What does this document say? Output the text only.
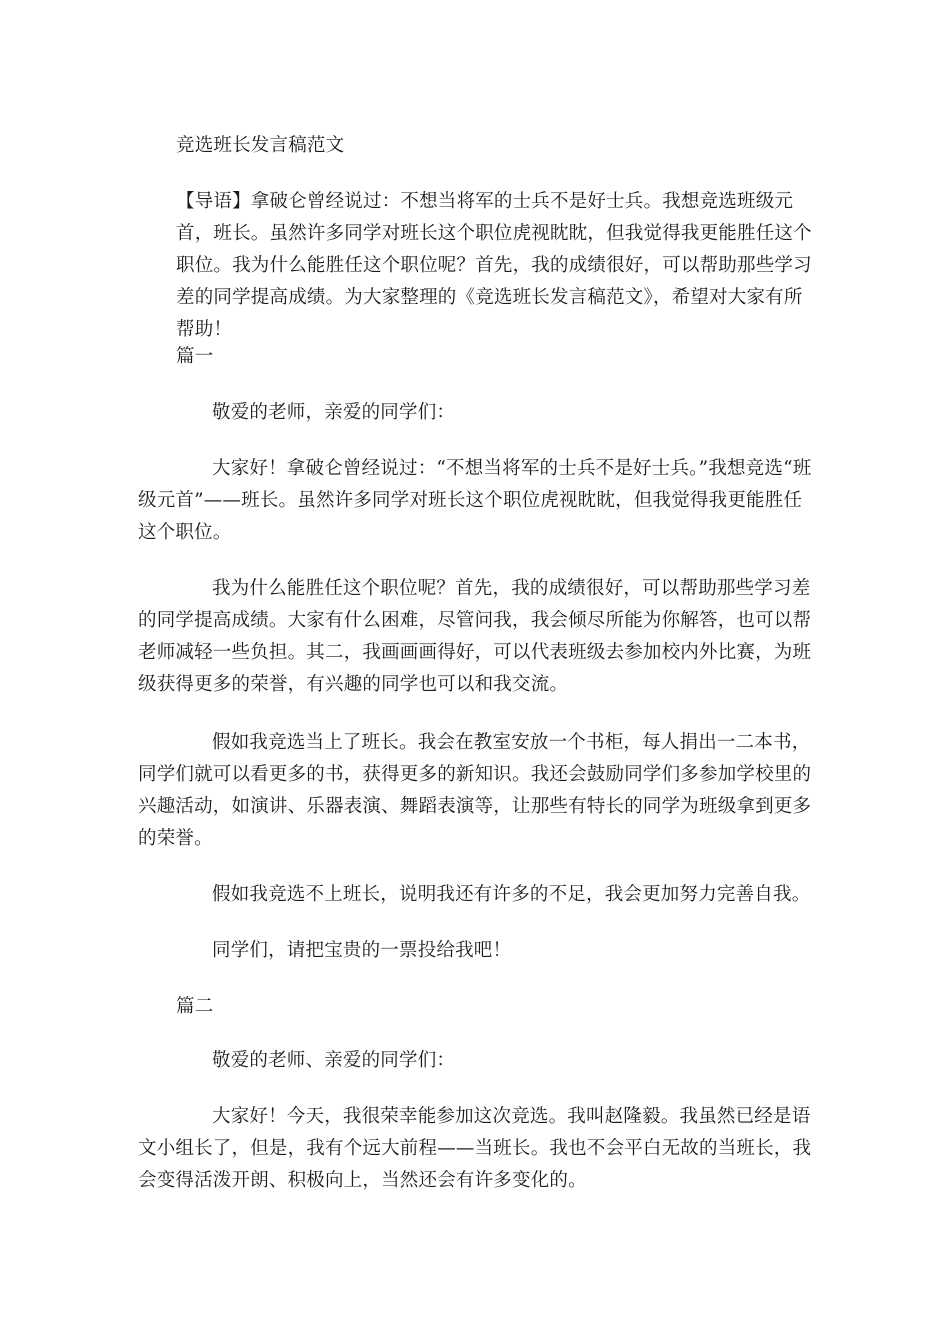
竞选班长发言稿范文
【导语】拿破仑曾经说过：不想当将军的士兵不是好士兵。我想竞选班级元首，班长。虽然许多同学对班长这个职位虎视眈眈，但我觉得我更能胜任这个职位。我为什么能胜任这个职位呢？首先，我的成绩很好，可以帮助那些学习差的同学提高成绩。为大家整理的《竞选班长发言稿范文》，希望对大家有所帮助！
篇一
敬爱的老师，亲爱的同学们：
大家好！拿破仑曾经说过：“不想当将军的士兵不是好士兵。”我想竞选“班级元首”——班长。虽然许多同学对班长这个职位虎视眈眈，但我觉得我更能胜任这个职位。
我为什么能胜任这个职位呢？首先，我的成绩很好，可以帮助那些学习差的同学提高成绩。大家有什么困难，尽管问我，我会倾尽所能为你解答，也可以帮老师减轻一些负担。其二，我画画画得好，可以代表班级去参加校内外比赛，为班级获得更多的荣誉，有兴趣的同学也可以和我交流。
假如我竞选当上了班长。我会在教室安放一个书柜，每人捐出一二本书，同学们就可以看更多的书，获得更多的新知识。我还会鼓励同学们多参加学校里的兴趣活动，如演讲、乐器表演、舞蹈表演等，让那些有特长的同学为班级拿到更多的荣誉。
假如我竞选不上班长，说明我还有许多的不足，我会更加努力完善自我。
同学们，请把宝贵的一票投给我吧！
篇二
敬爱的老师、亲爱的同学们：
大家好！今天，我很荣幸能参加这次竞选。我叫赵隆毅。我虽然已经是语文小组长了，但是，我有个远大前程——当班长。我也不会平白无故的当班长，我会变得活泼开朗、积极向上，当然还会有许多变化的。
